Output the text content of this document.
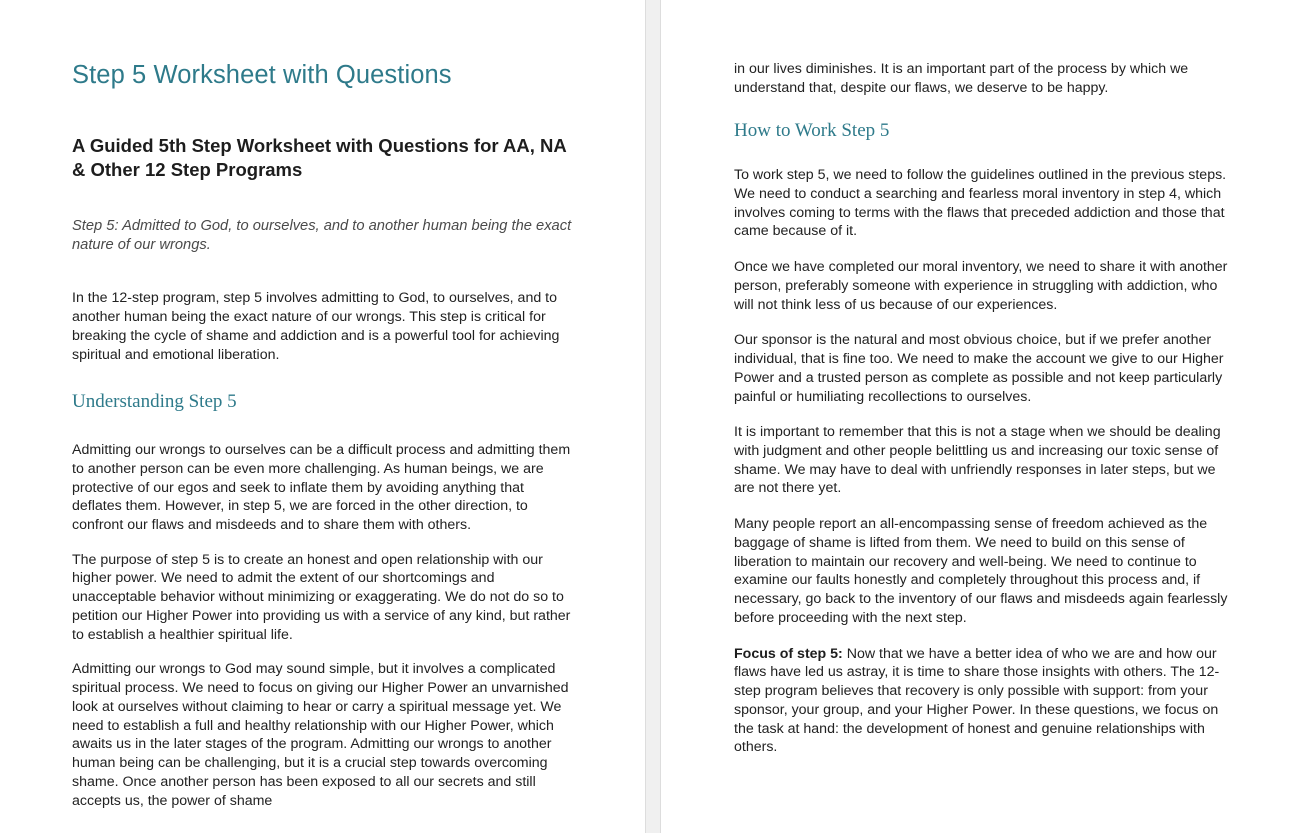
Step 5 Worksheet with Questions
A Guided 5th Step Worksheet with Questions for AA, NA & Other 12 Step Programs

Step 5: Admitted to God, to ourselves, and to another human being the exact nature of our wrongs.

In the 12-step program, step 5 involves admitting to God, to ourselves, and to another human being the exact nature of our wrongs. This step is critical for breaking the cycle of shame and addiction and is a powerful tool for achieving spiritual and emotional liberation.

Understanding Step 5

Admitting our wrongs to ourselves can be a difficult process and admitting them to another person can be even more challenging. As human beings, we are protective of our egos and seek to inflate them by avoiding anything that deflates them. However, in step 5, we are forced in the other direction, to confront our flaws and misdeeds and to share them with others.

The purpose of step 5 is to create an honest and open relationship with our higher power. We need to admit the extent of our shortcomings and unacceptable behavior without minimizing or exaggerating. We do not do so to petition our Higher Power into providing us with a service of any kind, but rather to establish a healthier spiritual life.

Admitting our wrongs to God may sound simple, but it involves a complicated spiritual process. We need to focus on giving our Higher Power an unvarnished look at ourselves without claiming to hear or carry a spiritual message yet. We need to establish a full and healthy relationship with our Higher Power, which awaits us in the later stages of the program. Admitting our wrongs to another human being can be challenging, but it is a crucial step towards overcoming shame. Once another person has been exposed to all our secrets and still accepts us, the power of shame

in our lives diminishes. It is an important part of the process by which we understand that, despite our flaws, we deserve to be happy.

How to Work Step 5

To work step 5, we need to follow the guidelines outlined in the previous steps. We need to conduct a searching and fearless moral inventory in step 4, which involves coming to terms with the flaws that preceded addiction and those that came because of it.

Once we have completed our moral inventory, we need to share it with another person, preferably someone with experience in struggling with addiction, who will not think less of us because of our experiences.

Our sponsor is the natural and most obvious choice, but if we prefer another individual, that is fine too. We need to make the account we give to our Higher Power and a trusted person as complete as possible and not keep particularly painful or humiliating recollections to ourselves.

It is important to remember that this is not a stage when we should be dealing with judgment and other people belittling us and increasing our toxic sense of shame. We may have to deal with unfriendly responses in later steps, but we are not there yet.

Many people report an all-encompassing sense of freedom achieved as the baggage of shame is lifted from them. We need to build on this sense of liberation to maintain our recovery and well-being. We need to continue to examine our faults honestly and completely throughout this process and, if necessary, go back to the inventory of our flaws and misdeeds again fearlessly before proceeding with the next step.

Focus of step 5: Now that we have a better idea of who we are and how our flaws have led us astray, it is time to share those insights with others. The 12-step program believes that recovery is only possible with support: from your sponsor, your group, and your Higher Power. In these questions, we focus on the task at hand: the development of honest and genuine relationships with others.
